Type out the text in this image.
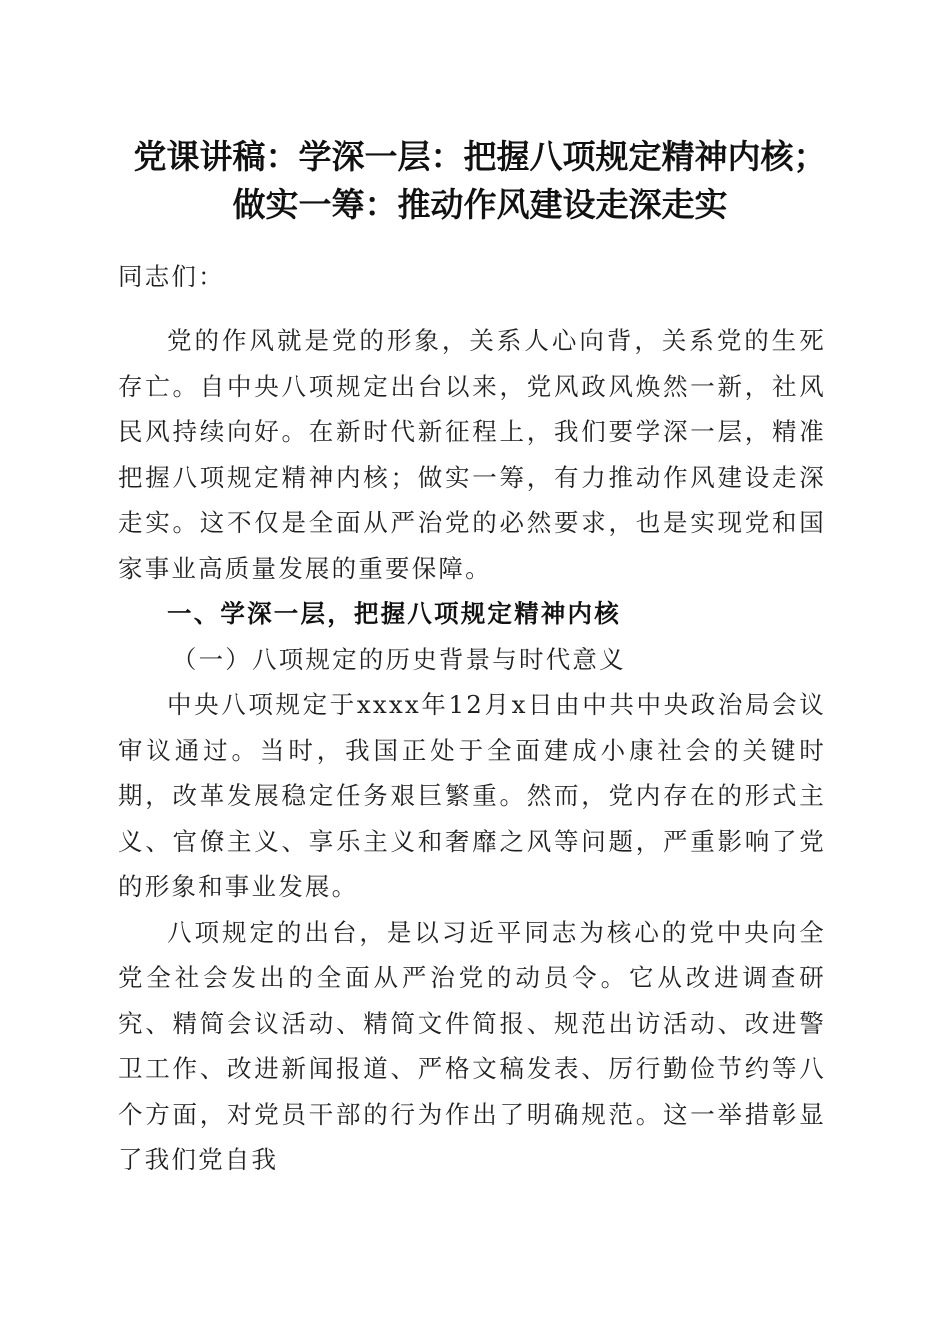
党课讲稿：学深一层：把握八项规定精神内核；
做实一筹：推动作风建设走深走实
同志们：

党的作风就是党的形象，关系人心向背，关系党的生死存亡。自中央八项规定出台以来，党风政风焕然一新，社风民风持续向好。在新时代新征程上，我们要学深一层，精准把握八项规定精神内核；做实一筹，有力推动作风建设走深走实。这不仅是全面从严治党的必然要求，也是实现党和国家事业高质量发展的重要保障。

一、学深一层，把握八项规定精神内核

（一）八项规定的历史背景与时代意义

中央八项规定于xxxx年12月x日由中共中央政治局会议审议通过。当时，我国正处于全面建成小康社会的关键时期，改革发展稳定任务艰巨繁重。然而，党内存在的形式主义、官僚主义、享乐主义和奢靡之风等问题，严重影响了党的形象和事业发展。

八项规定的出台，是以习近平同志为核心的党中央向全党全社会发出的全面从严治党的动员令。它从改进调查研究、精简会议活动、精简文件简报、规范出访活动、改进警卫工作、改进新闻报道、严格文稿发表、厉行勤俭节约等八个方面，对党员干部的行为作出了明确规范。这一举措彰显了我们党自我
